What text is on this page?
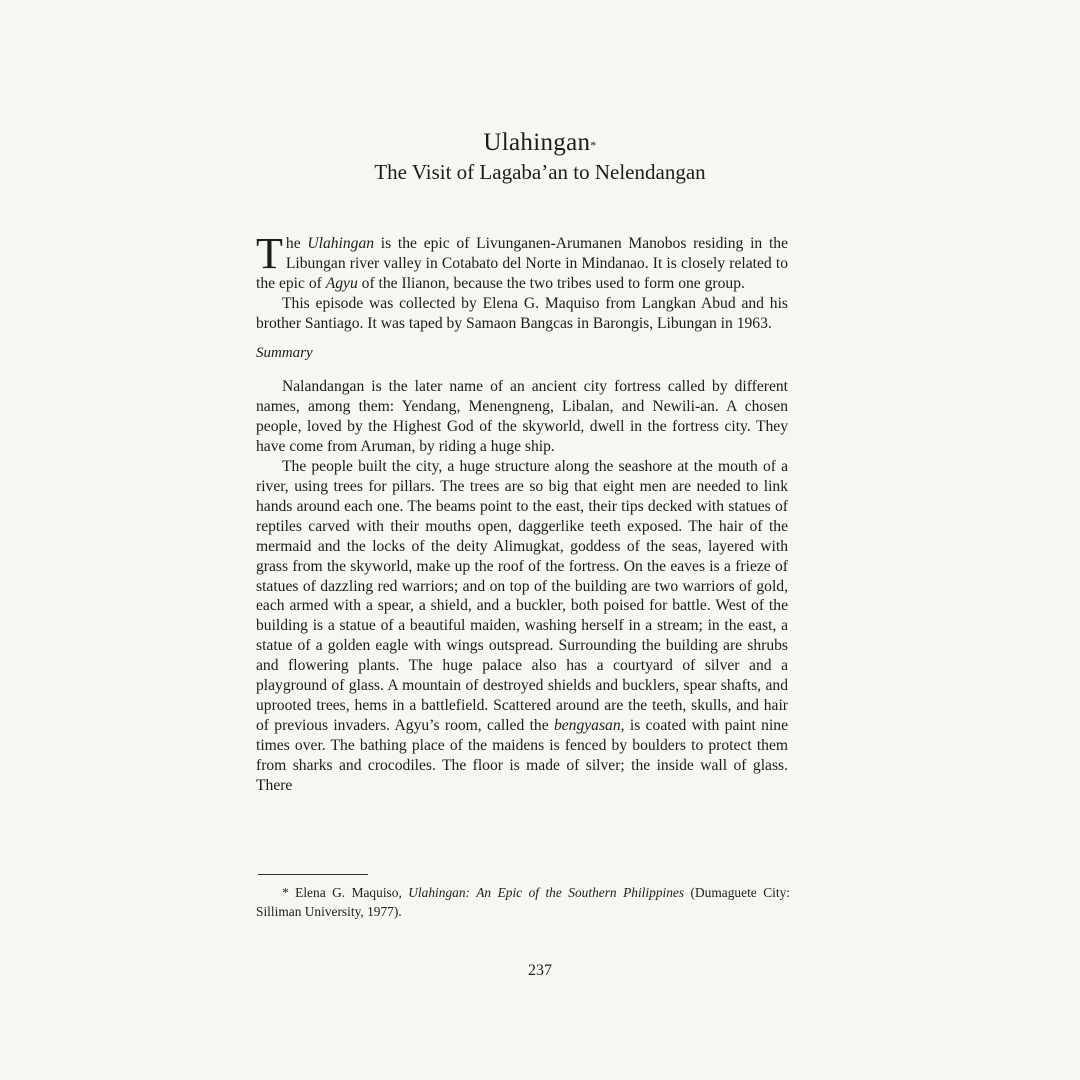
Ulahingan*
The Visit of Lagaba’an to Nelendangan

The Ulahingan is the epic of Livunganen-Arumanen Manobos residing in the Libungan river valley in Cotabato del Norte in Mindanao. It is closely related to the epic of Agyu of the Ilianon, because the two tribes used to form one group.

This episode was collected by Elena G. Maquiso from Langkan Abud and his brother Santiago. It was taped by Samaon Bangcas in Barongis, Libungan in 1963.

Summary

Nalandangan is the later name of an ancient city fortress called by different names, among them: Yendang, Menengneng, Libalan, and Newili-an. A chosen people, loved by the Highest God of the skyworld, dwell in the fortress city. They have come from Aruman, by riding a huge ship.

The people built the city, a huge structure along the seashore at the mouth of a river, using trees for pillars. The trees are so big that eight men are needed to link hands around each one. The beams point to the east, their tips decked with statues of reptiles carved with their mouths open, daggerlike teeth exposed. The hair of the mermaid and the locks of the deity Alimugkat, goddess of the seas, layered with grass from the skyworld, make up the roof of the fortress. On the eaves is a frieze of statues of dazzling red warriors; and on top of the building are two warriors of gold, each armed with a spear, a shield, and a buckler, both poised for battle. West of the building is a statue of a beautiful maiden, washing herself in a stream; in the east, a statue of a golden eagle with wings outspread. Surrounding the building are shrubs and flowering plants. The huge palace also has a courtyard of silver and a playground of glass. A mountain of destroyed shields and bucklers, spear shafts, and uprooted trees, hems in a battlefield. Scattered around are the teeth, skulls, and hair of previous invaders. Agyu’s room, called the bengyasan, is coated with paint nine times over. The bathing place of the maidens is fenced by boulders to protect them from sharks and crocodiles. The floor is made of silver; the inside wall of glass. There

* Elena G. Maquiso, Ulahingan: An Epic of the Southern Philippines (Dumaguete City: Silliman University, 1977).
237
